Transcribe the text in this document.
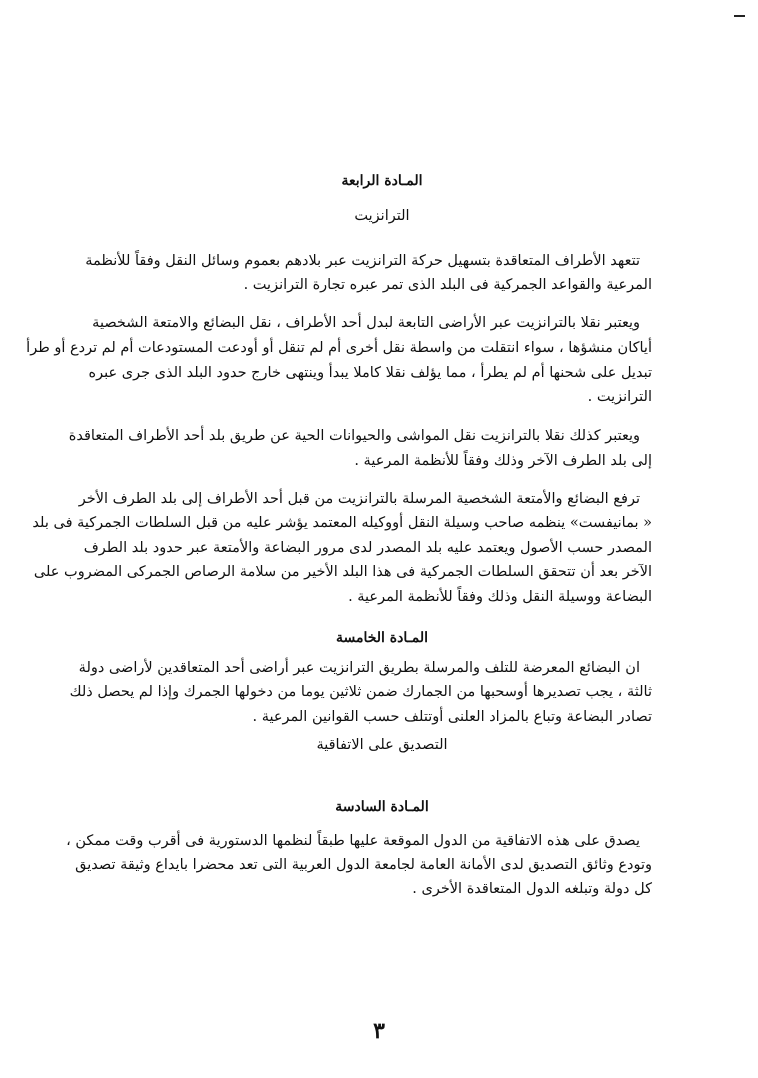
المـادة الرابعة
الترانزيت
تتعهد الأطراف المتعاقدة بتسهيل حركة الترانزيت عبر بلادهم بعموم وسائل النقل وفقاً للأنظمة
المرعية والقواعد الجمركية فى البلد الذى تمر عبره تجارة الترانزيت .
ويعتبر نقلا بالترانزيت عبر الأراضى التابعة لبدل أحد الأطراف ، نقل البضائع والامتعة الشخصية
أياكان منشؤها ، سواء انتقلت من واسطة نقل أخرى أم لم تنقل أو أودعت المستودعات أم لم تردع أو طرأ
تبديل على شحنها أم لم يطرأ ، مما يؤلف نقلا كاملا يبدأ وينتهى خارج حدود البلد الذى جرى عبره
الترانزيت .
ويعتبر كذلك نقلا بالترانزيت نقل المواشى والحيوانات الحية عن طريق بلد أحد الأطراف المتعاقدة
إلى بلد الطرف الآخر وذلك وفقاً للأنظمة المرعية .
ترفع البضائع والأمتعة الشخصية المرسلة بالترانزيت من قبل أحد الأطراف إلى بلد الطرف الأخر
« بمانيفست» ينظمه صاحب وسيلة النقل أووكيله المعتمد يؤشر عليه من قبل السلطات الجمركية فى بلد
المصدر حسب الأصول ويعتمد عليه بلد المصدر لدى مرور البضاعة والأمتعة عبر حدود بلد الطرف
الآخر بعد أن تتحقق السلطات الجمركية فى هذا البلد الأخير من سلامة الرصاص الجمركى المضروب على
البضاعة ووسيلة النقل وذلك وفقاً للأنظمة المرعية .
المـادة الخامسة
ان البضائع المعرضة للتلف والمرسلة بطريق الترانزيت عبر أراضى أحد المتعاقدين لأراضى دولة
ثالثة ، يجب تصديرها أوسحبها من الجمارك ضمن ثلاثين يوما من دخولها الجمرك وإذا لم يحصل ذلك
تصادر البضاعة وتباع بالمزاد العلنى أوتتلف حسب القوانين المرعية .
التصديق على الاتفاقية
المـادة السادسة
يصدق على هذه الاتفاقية من الدول الموقعة عليها طبقاً لنظمها الدستورية فى أقرب وقت ممكن ،
وتودع وثائق التصديق لدى الأمانة العامة لجامعة الدول العربية التى تعد محضرا بايداع وثيقة تصديق
كل دولة وتبلغه الدول المتعاقدة الأخرى .
٣
